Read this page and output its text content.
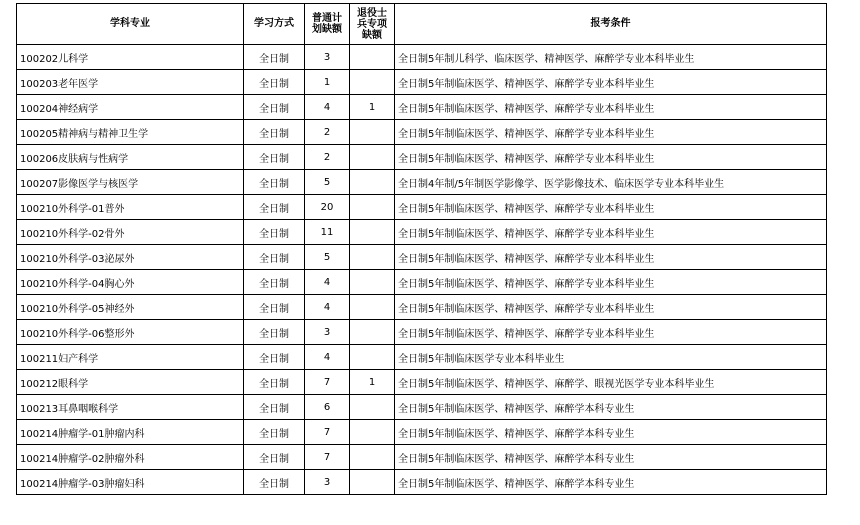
学科专业	学习方式	普通计划缺额	退役士兵专项缺额	报考条件
100202儿科学	全日制	3		全日制5年制儿科学、临床医学、精神医学、麻醉学专业本科毕业生
100203老年医学	全日制	1		全日制5年制临床医学、精神医学、麻醉学专业本科毕业生
100204神经病学	全日制	4	1	全日制5年制临床医学、精神医学、麻醉学专业本科毕业生
100205精神病与精神卫生学	全日制	2		全日制5年制临床医学、精神医学、麻醉学专业本科毕业生
100206皮肤病与性病学	全日制	2		全日制5年制临床医学、精神医学、麻醉学专业本科毕业生
100207影像医学与核医学	全日制	5		全日制4年制/5年制医学影像学、医学影像技术、临床医学专业本科毕业生
100210外科学-01普外	全日制	20		全日制5年制临床医学、精神医学、麻醉学专业本科毕业生
100210外科学-02骨外	全日制	11		全日制5年制临床医学、精神医学、麻醉学专业本科毕业生
100210外科学-03泌尿外	全日制	5		全日制5年制临床医学、精神医学、麻醉学专业本科毕业生
100210外科学-04胸心外	全日制	4		全日制5年制临床医学、精神医学、麻醉学专业本科毕业生
100210外科学-05神经外	全日制	4		全日制5年制临床医学、精神医学、麻醉学专业本科毕业生
100210外科学-06整形外	全日制	3		全日制5年制临床医学、精神医学、麻醉学专业本科毕业生
100211妇产科学	全日制	4		全日制5年制临床医学专业本科毕业生
100212眼科学	全日制	7	1	全日制5年制临床医学、精神医学、麻醉学、眼视光医学专业本科毕业生
100213耳鼻咽喉科学	全日制	6		全日制5年制临床医学、精神医学、麻醉学本科专业生
100214肿瘤学-01肿瘤内科	全日制	7		全日制5年制临床医学、精神医学、麻醉学本科专业生
100214肿瘤学-02肿瘤外科	全日制	7		全日制5年制临床医学、精神医学、麻醉学本科专业生
100214肿瘤学-03肿瘤妇科	全日制	3		全日制5年制临床医学、精神医学、麻醉学本科专业生
